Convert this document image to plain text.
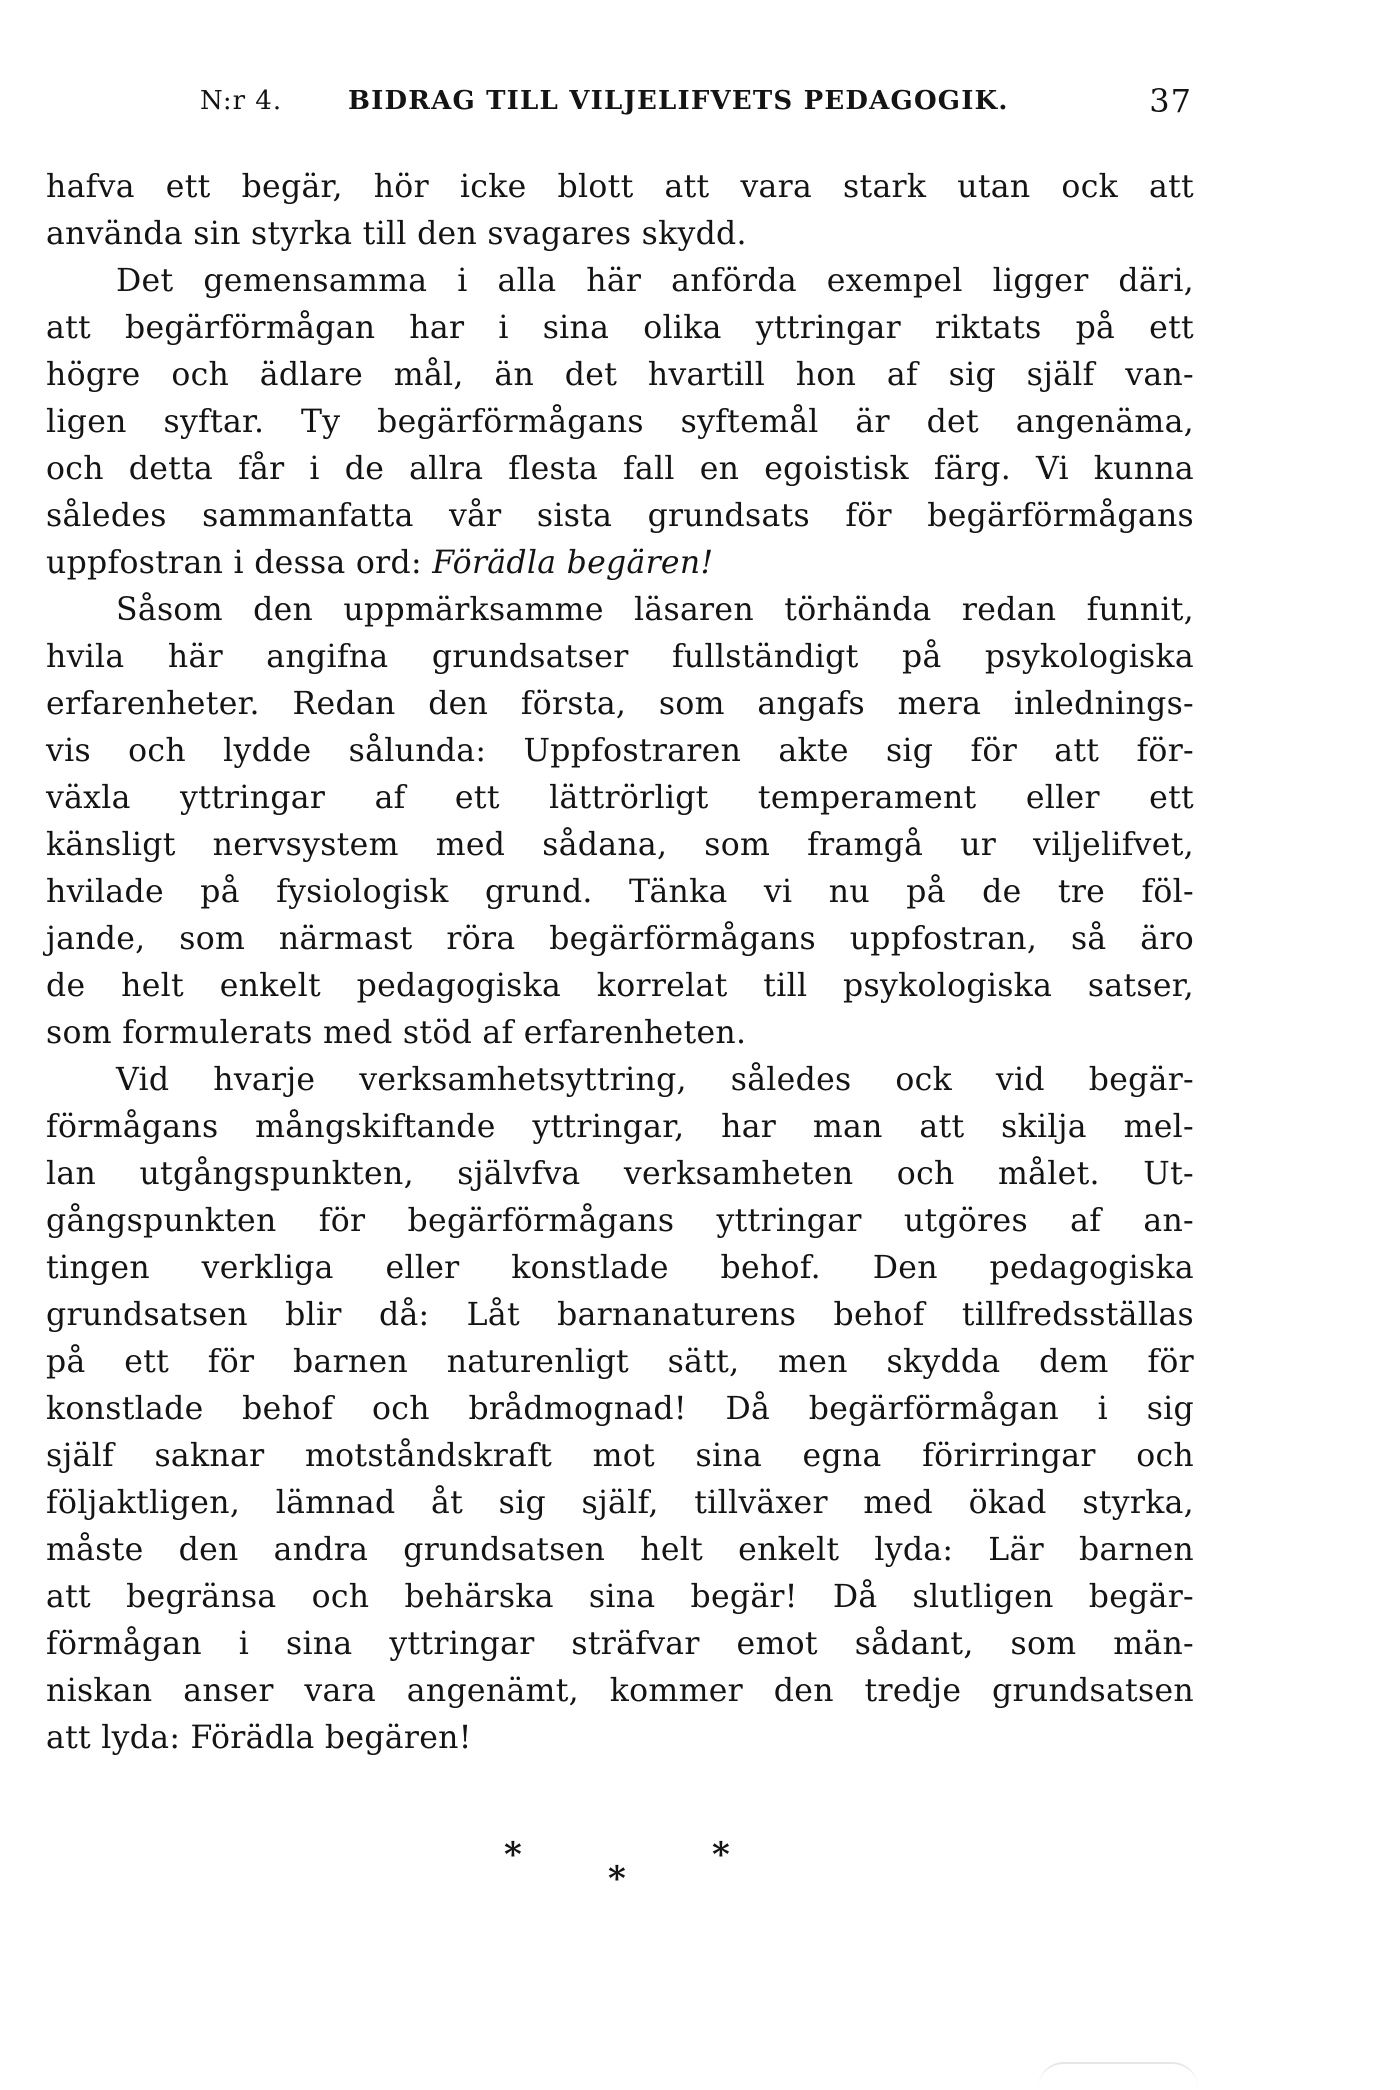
N:r 4.	BIDRAG TILL VILJELIFVETS PEDAGOGIK.	37
hafva ett begär, hör icke blott att vara stark utan ock att
använda sin styrka till den svagares skydd.
Det gemensamma i alla här anförda exempel ligger däri,
att begärförmågan har i sina olika yttringar riktats på ett
högre och ädlare mål, än det hvartill hon af sig själf van-
ligen syftar. Ty begärförmågans syftemål är det angenäma,
och detta får i de allra flesta fall en egoistisk färg. Vi kunna
således sammanfatta vår sista grundsats för begärförmågans
uppfostran i dessa ord: Förädla begären!
Såsom den uppmärksamme läsaren törhända redan funnit,
hvila här angifna grundsatser fullständigt på psykologiska
erfarenheter. Redan den första, som angafs mera inlednings-
vis och lydde sålunda: Uppfostraren akte sig för att för-
växla yttringar af ett lättrörligt temperament eller ett
känsligt nervsystem med sådana, som framgå ur viljelifvet,
hvilade på fysiologisk grund. Tänka vi nu på de tre föl-
jande, som närmast röra begärförmågans uppfostran, så äro
de helt enkelt pedagogiska korrelat till psykologiska satser,
som formulerats med stöd af erfarenheten.
Vid hvarje verksamhetsyttring, således ock vid begär-
förmågans mångskiftande yttringar, har man att skilja mel-
lan utgångspunkten, självfva verksamheten och målet. Ut-
gångspunkten för begärförmågans yttringar utgöres af an-
tingen verkliga eller konstlade behof. Den pedagogiska
grundsatsen blir då: Låt barnanaturens behof tillfredsställas
på ett för barnen naturenligt sätt, men skydda dem för
konstlade behof och brådmognad! Då begärförmågan i sig
själf saknar motståndskraft mot sina egna förirringar och
följaktligen, lämnad åt sig själf, tillväxer med ökad styrka,
måste den andra grundsatsen helt enkelt lyda: Lär barnen
att begränsa och behärska sina begär! Då slutligen begär-
förmågan i sina yttringar sträfvar emot sådant, som män-
niskan anser vara angenämt, kommer den tredje grundsatsen
att lyda: Förädla begären!
*	*
*
